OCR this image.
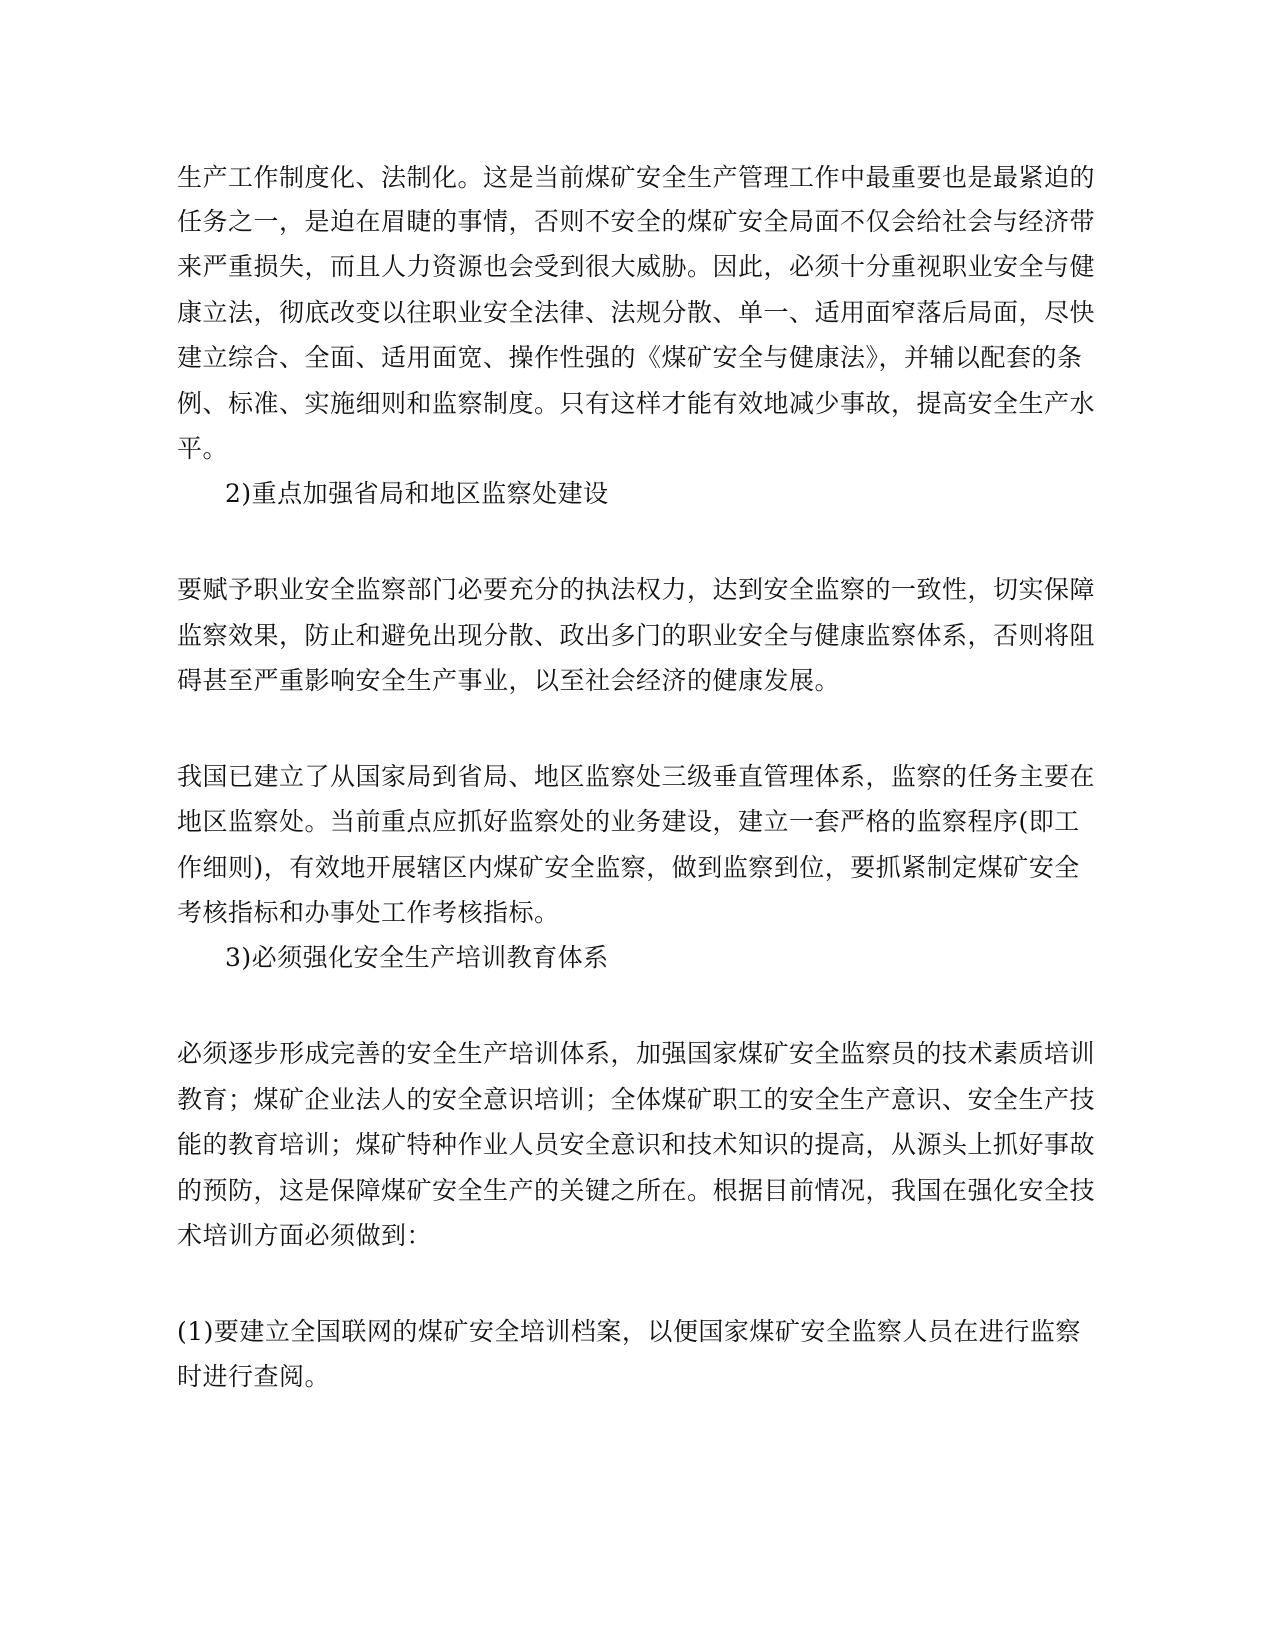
生产工作制度化、法制化。这是当前煤矿安全生产管理工作中最重要也是最紧迫的
任务之一，是迫在眉睫的事情，否则不安全的煤矿安全局面不仅会给社会与经济带
来严重损失，而且人力资源也会受到很大威胁。因此，必须十分重视职业安全与健
康立法，彻底改变以往职业安全法律、法规分散、单一、适用面窄落后局面，尽快
建立综合、全面、适用面宽、操作性强的《煤矿安全与健康法》，并辅以配套的条
例、标准、实施细则和监察制度。只有这样才能有效地减少事故，提高安全生产水
平。
2)重点加强省局和地区监察处建设
要赋予职业安全监察部门必要充分的执法权力，达到安全监察的一致性，切实保障
监察效果，防止和避免出现分散、政出多门的职业安全与健康监察体系，否则将阻
碍甚至严重影响安全生产事业，以至社会经济的健康发展。
我国已建立了从国家局到省局、地区监察处三级垂直管理体系，监察的任务主要在
地区监察处。当前重点应抓好监察处的业务建设，建立一套严格的监察程序(即工
作细则)，有效地开展辖区内煤矿安全监察，做到监察到位，要抓紧制定煤矿安全
考核指标和办事处工作考核指标。
3)必须强化安全生产培训教育体系
必须逐步形成完善的安全生产培训体系，加强国家煤矿安全监察员的技术素质培训
教育；煤矿企业法人的安全意识培训；全体煤矿职工的安全生产意识、安全生产技
能的教育培训；煤矿特种作业人员安全意识和技术知识的提高，从源头上抓好事故
的预防，这是保障煤矿安全生产的关键之所在。根据目前情况，我国在强化安全技
术培训方面必须做到：
(1)要建立全国联网的煤矿安全培训档案，以便国家煤矿安全监察人员在进行监察
时进行查阅。
